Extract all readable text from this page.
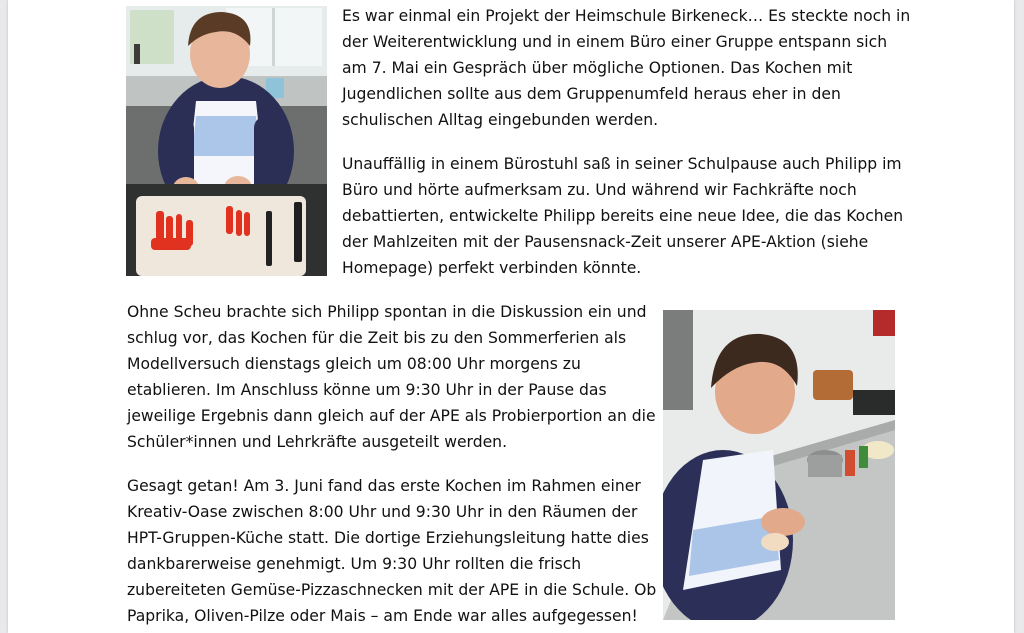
Es war einmal ein Projekt der Heimschule Birkeneck… Es steckte noch in
der Weiterentwicklung und in einem Büro einer Gruppe entspann sich
am 7. Mai ein Gespräch über mögliche Optionen. Das Kochen mit
Jugendlichen sollte aus dem Gruppenumfeld heraus eher in den
schulischen Alltag eingebunden werden.

Unauffällig in einem Bürostuhl saß in seiner Schulpause auch Philipp im
Büro und hörte aufmerksam zu. Und während wir Fachkräfte noch
debattierten, entwickelte Philipp bereits eine neue Idee, die das Kochen
der Mahlzeiten mit der Pausensnack-Zeit unserer APE-Aktion (siehe
Homepage) perfekt verbinden könnte.

Ohne Scheu brachte sich Philipp spontan in die Diskussion ein und
schlug vor, das Kochen für die Zeit bis zu den Sommerferien als
Modellversuch dienstags gleich um 08:00 Uhr morgens zu
etablieren. Im Anschluss könne um 9:30 Uhr in der Pause das
jeweilige Ergebnis dann gleich auf der APE als Probierportion an die
Schüler*innen und Lehrkräfte ausgeteilt werden.

Gesagt getan! Am 3. Juni fand das erste Kochen im Rahmen einer
Kreativ-Oase zwischen 8:00 Uhr und 9:30 Uhr in den Räumen der
HPT-Gruppen-Küche statt. Die dortige Erziehungsleitung hatte dies
dankbarerweise genehmigt. Um 9:30 Uhr rollten die frisch
zubereiteten Gemüse-Pizzaschnecken mit der APE in die Schule. Ob
Paprika, Oliven-Pilze oder Mais – am Ende war alles aufgegessen!
